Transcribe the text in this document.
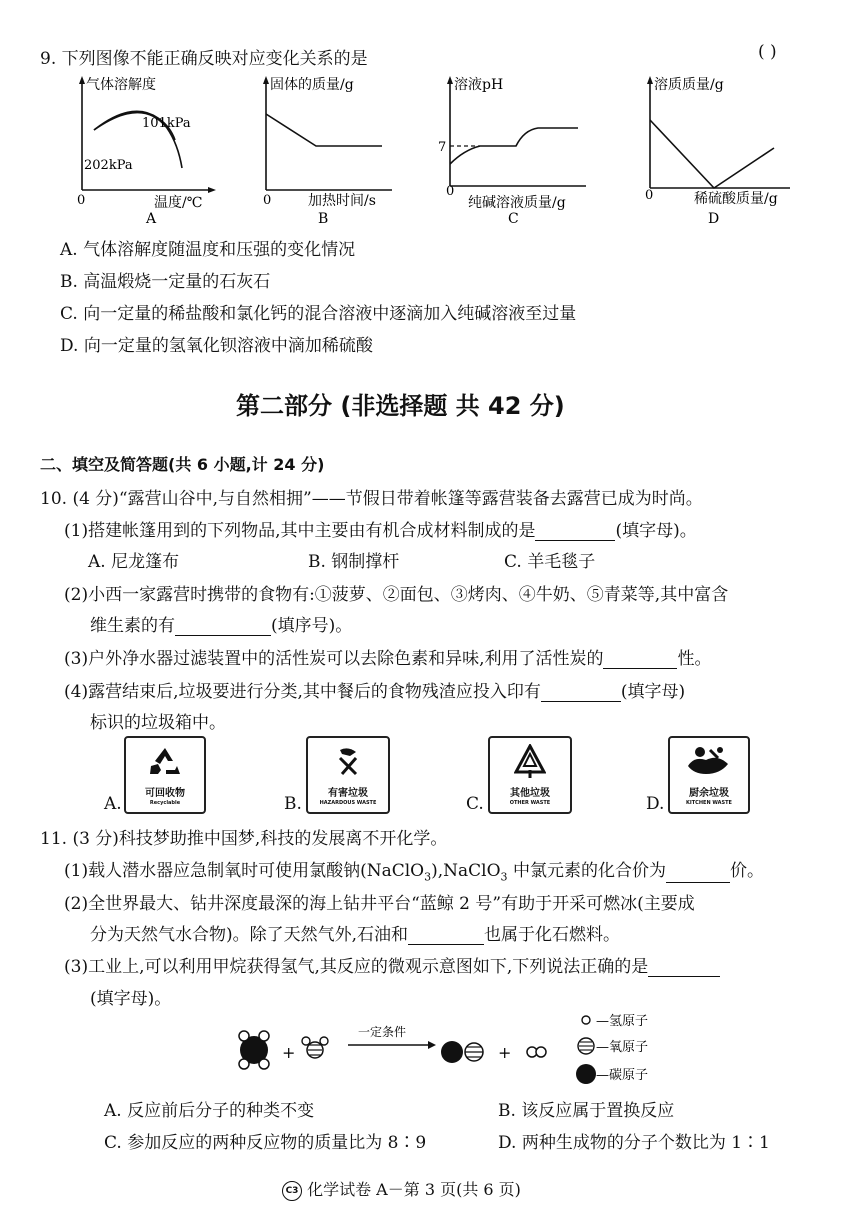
9. 下列图像不能正确反映对应变化关系的是	( )
气体溶解度
101kPa
202kPa
0	温度/℃
A
固体的质量/g
0	加热时间/s
B
溶液pH
7
0
纯碱溶液质量/g
C
溶质质量/g
0	稀硫酸质量/g
D
A. 气体溶解度随温度和压强的变化情况
B. 高温煅烧一定量的石灰石
C. 向一定量的稀盐酸和氯化钙的混合溶液中逐滴加入纯碱溶液至过量
D. 向一定量的氢氧化钡溶液中滴加稀硫酸
第二部分 (非选择题 共 42 分)
二、填空及简答题(共 6 小题,计 24 分)
10. (4 分)“露营山谷中,与自然相拥”——节假日带着帐篷等露营装备去露营已成为时尚。
(1)搭建帐篷用到的下列物品,其中主要由有机合成材料制成的是	(填字母)。
A. 尼龙篷布	B. 钢制撑杆	C. 羊毛毯子
(2)小西一家露营时携带的食物有:①菠萝、②面包、③烤肉、④牛奶、⑤青菜等,其中富含
维生素的有	(填序号)。
(3)户外净水器过滤装置中的活性炭可以去除色素和异味,利用了活性炭的	性。
(4)露营结束后,垃圾要进行分类,其中餐后的食物残渣应投入印有	(填字母)
标识的垃圾箱中。
A.
可回收物
Recyclable	B.
有害垃圾
HAZARDOUS WASTE	C.
其他垃圾
OTHER WASTE	D.
厨余垃圾
KITCHEN WASTE
11. (3 分)科技梦助推中国梦,科技的发展离不开化学。
(1)载人潜水器应急制氧时可使用氯酸钠(NaClO$_3$),NaClO$_3$ 中氯元素的化合价为	价。
(2)全世界最大、钻井深度最深的海上钻井平台“蓝鲸 2 号”有助于开采可燃冰(主要成
分为天然气水合物)。除了天然气外,石油和	也属于化石燃料。
(3)工业上,可以利用甲烷获得氢气,其反应的微观示意图如下,下列说法正确的是
(填字母)。
+
一定条件
+
—氢原子
—氧原子
—碳原子
A. 反应前后分子的种类不变	B. 该反应属于置换反应
C. 参加反应的两种反应物的质量比为 8∶9	D. 两种生成物的分子个数比为 1∶1
C3 化学试卷 A－第 3 页(共 6 页)
